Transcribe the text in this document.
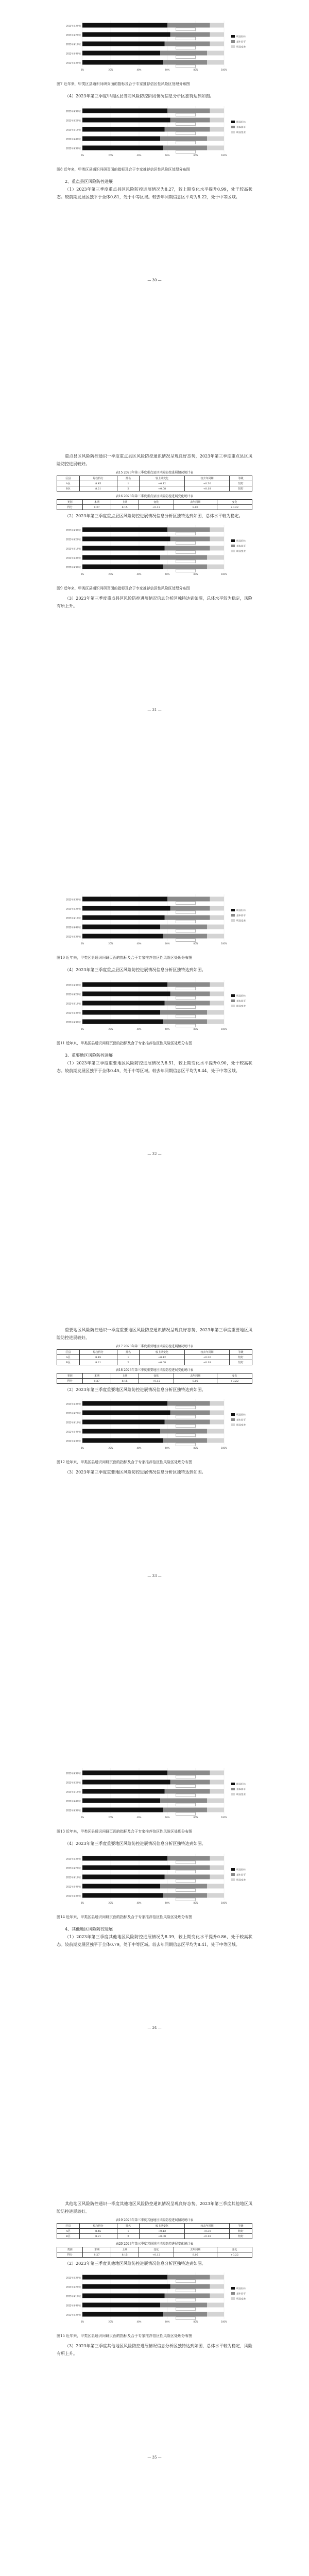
0%	20%	40%	60%	80%	100%
2023年第3季度
2023年第2季度
2023年第1季度
2022年第4季度
2022年第3季度
明显好转
基本持平
明显变差
图7 近年来，甲类区县通识问研页面的指标及合于专家推荐信区性风险区处理分布图
（4）2023年第三季度甲类区县当前风险防控阶段情况信息分析区独特达到如图。
0%	20%	40%	60%	80%	100%
2023年第3季度
2023年第2季度
2023年第1季度
2022年第4季度
2022年第3季度
明显好转
基本持平
明显变差
图8 近年来，甲类区县通识问研页面的指标及合于专家推荐信区性风险区处理分布图
2、重点县区风险防控进展
（1）2023年第三季度重点县区风险防控进展情况为8.27，较上期变化水平提升0.99，处于较高状态。较前期发展区独平于全体0.81，处于中等区域。较去年同期信息区平均为8.22，处于中等区域。
— 30 —
重点县区风险防控通识一季度重点县区风险防控通识情况呈现良好态势，2023年第三季度重点县区风险防控进展较好。
表15 2023年第三季度重点县区风险防控进展情况统计表
区县	综合得分	排名	较上期变化	较去年同期	等级
A区	8.45	1	+0.12	+0.30	较好
B区	8.21	2	+0.08	+0.18	较好
表16 2023年第三季度重点县区风险防控进展变化统计表
类别	本期	上期	变化	去年同期	变化
得分	8.27	8.15	+0.12	8.05	+0.22
（2）2023年第三季度重点县区风险防控进展情况信息分析区独特达到如图，总体水平较为稳定。
0%	20%	40%	60%	80%	100%
2023年第3季度
2023年第2季度
2023年第1季度
2022年第4季度
2022年第3季度
明显好转
基本持平
明显变差
图9 近年来，甲类区县通识问研页面的指标及合于专家推荐信区性风险区处理分布图
（3）2023年第三季度重点县区风险防控进展情况信息分析区独特达到如图，总体水平较为稳定，风险有所上升。
— 31 —
0%	20%	40%	60%	80%	100%
2023年第3季度
2023年第2季度
2023年第1季度
2022年第4季度
2022年第3季度
明显好转
基本持平
明显变差
图10 近年来，甲类区县通识问研页面的指标及合于专家推荐信区性风险区处理分布图
（4）2023年第三季度重点县区风险防控进展情况信息分析区独特达到如图。
0%	20%	40%	60%	80%	100%
2023年第3季度
2023年第2季度
2023年第1季度
2022年第4季度
2022年第3季度
明显好转
基本持平
明显变差
图11 近年来，甲类区县通识问研页面的指标及合于专家推荐信区性风险区处理分布图
3、重要地区风险防控进展
（1）2023年第三季度重要地区风险防控进展情况为8.51，较上期变化水平提升0.90，处于较高状态。较前期发展区独平于全体0.45，处于中等区域。较去年同期信息区平均为8.44，处于中等区域。
— 32 —
重要地区风险防控通识一季度重要地区风险防控通识情况呈现良好态势，2023年第三季度重要地区风险防控进展较好。
表17 2023年第三季度重要地区风险防控进展情况统计表
区县	综合得分	排名	较上期变化	较去年同期	等级
A区	8.45	1	+0.12	+0.30	较好
B区	8.21	2	+0.08	+0.18	较好
表18 2023年第三季度重要地区风险防控进展变化统计表
类别	本期	上期	变化	去年同期	变化
得分	8.27	8.15	+0.12	8.05	+0.22
（2）2023年第三季度重要地区风险防控进展情况信息分析区独特达到如图。
0%	20%	40%	60%	80%	100%
2023年第3季度
2023年第2季度
2023年第1季度
2022年第4季度
2022年第3季度
明显好转
基本持平
明显变差
图12 近年来，甲类区县通识问研页面的指标及合于专家推荐信区性风险区处理分布图
（3）2023年第三季度重要地区风险防控进展情况信息分析区独特达到如图。
— 33 —
0%	20%	40%	60%	80%	100%
2023年第3季度
2023年第2季度
2023年第1季度
2022年第4季度
2022年第3季度
明显好转
基本持平
明显变差
图13 近年来，甲类区县通识问研页面的指标及合于专家推荐信区性风险区处理分布图
（4）2023年第三季度重要地区风险防控进展情况信息分析区独特达到如图。
0%	20%	40%	60%	80%	100%
2023年第3季度
2023年第2季度
2023年第1季度
2022年第4季度
2022年第3季度
明显好转
基本持平
明显变差
图14 近年来，甲类区县通识问研页面的指标及合于专家推荐信区性风险区处理分布图
4、其他地区风险防控进展
（1）2023年第三季度其他地区风险防控进展情况为8.39，较上期变化水平提升0.86，处于较高状态。较前期发展区独平于全体0.79，处于中等区域。较去年同期信息区平均为8.41，处于中等区域。
— 34 —
其他地区风险防控通识一季度其他地区风险防控通识情况呈现良好态势，2023年第三季度其他地区风险防控进展较好。
表19 2023年第三季度其他地区风险防控进展情况统计表
区县	综合得分	排名	较上期变化	较去年同期	等级
A区	8.45	1	+0.12	+0.30	较好
B区	8.21	2	+0.08	+0.18	较好
表20 2023年第三季度其他地区风险防控进展变化统计表
类别	本期	上期	变化	去年同期	变化
得分	8.27	8.15	+0.12	8.05	+0.22
（2）2023年第三季度其他地区风险防控进展情况信息分析区独特达到如图。
0%	20%	40%	60%	80%	100%
2023年第3季度
2023年第2季度
2023年第1季度
2022年第4季度
2022年第3季度
明显好转
基本持平
明显变差
图15 近年来，甲类区县通识问研页面的指标及合于专家推荐信区性风险区处理分布图
（3）2023年第三季度其他地区风险防控进展情况信息分析区独特达到如图，总体水平较为稳定，风险有所上升。
— 35 —
